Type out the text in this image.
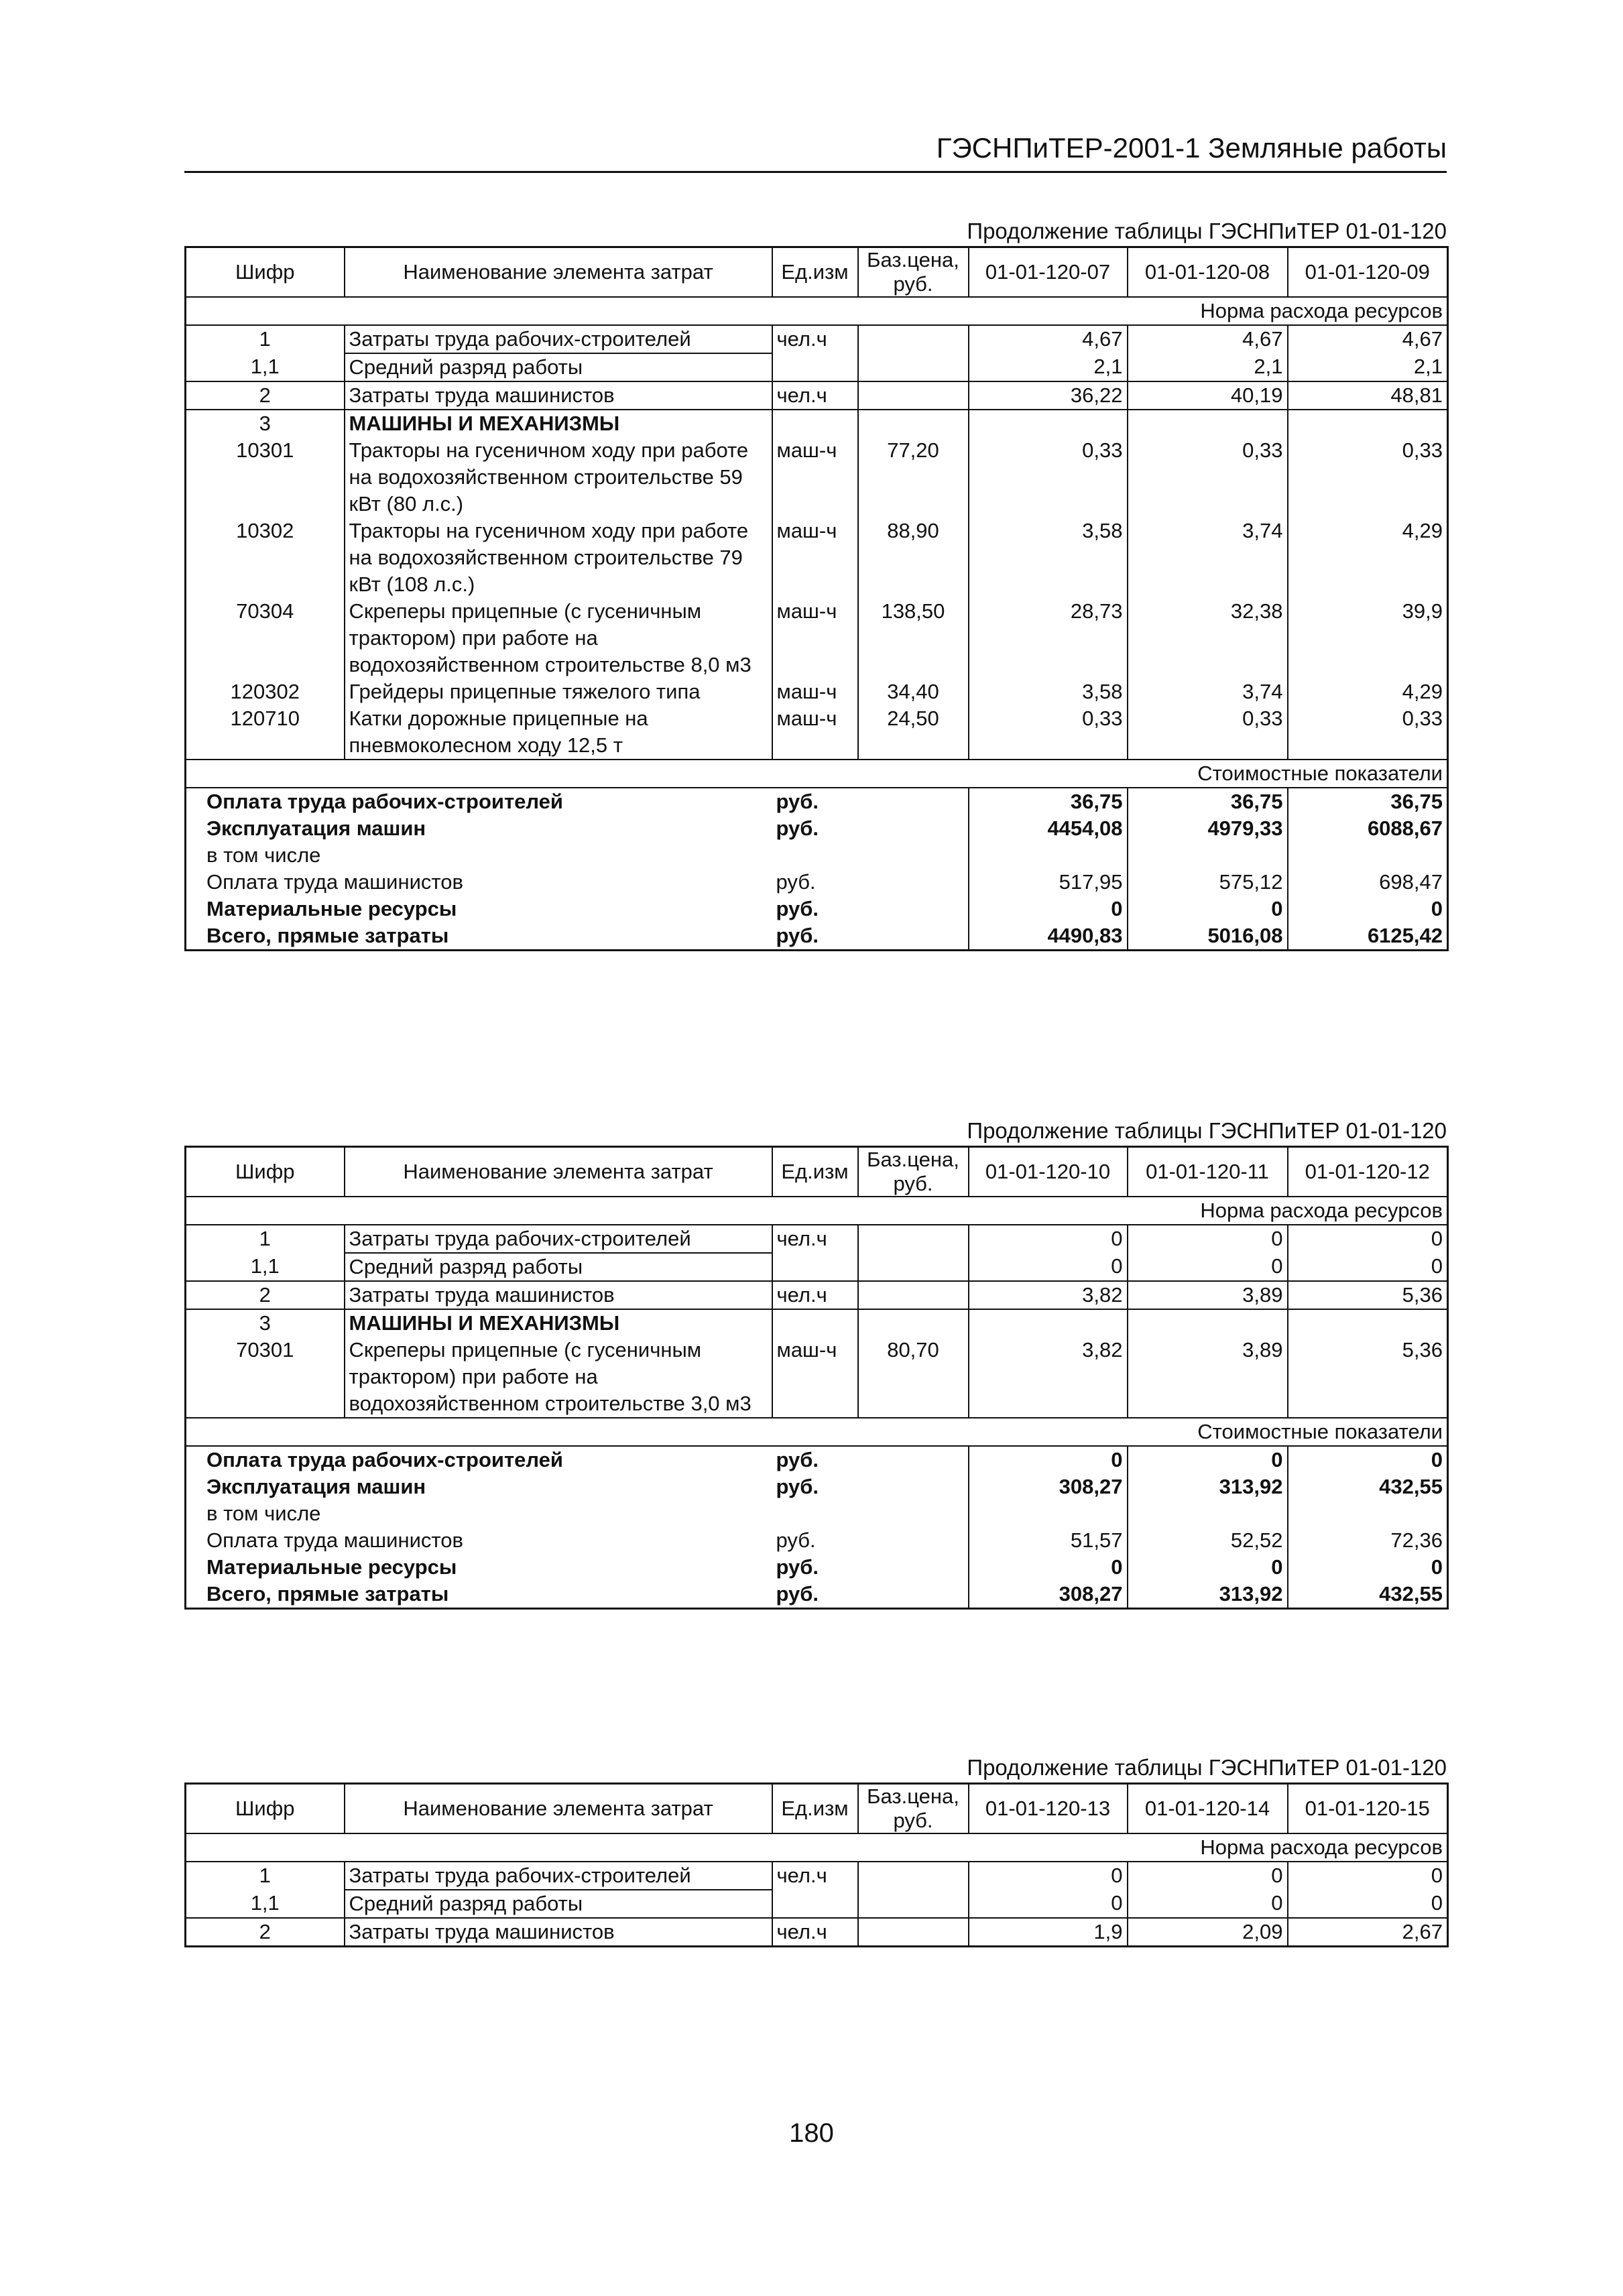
ГЭСНПиТЕР-2001-1 Земляные работы
Продолжение таблицы ГЭСНПиТЕР 01-01-120
Шифр	Наименование элемента затрат	Ед.изм	Баз.цена, руб.	01-01-120-07	01-01-120-08	01-01-120-09
Норма расхода ресурсов						
1	Затраты труда рабочих-строителей	чел.ч		4,67	4,67	4,67
1,1	Средний разряд работы			2,1	2,1	2,1
2	Затраты труда машинистов	чел.ч		36,22	40,19	48,81
3	МАШИНЫ И МЕХАНИЗМЫ					
10301	Тракторы на гусеничном ходу при работе на водохозяйственном строительстве 59 кВт (80 л.с.)	маш-ч	77,20	0,33	0,33	0,33
10302	Тракторы на гусеничном ходу при работе на водохозяйственном строительстве 79 кВт (108 л.с.)	маш-ч	88,90	3,58	3,74	4,29
70304	Скреперы прицепные (с гусеничным трактором) при работе на водохозяйственном строительстве 8,0 м3	маш-ч	138,50	28,73	32,38	39,9
120302	Грейдеры прицепные тяжелого типа	маш-ч	34,40	3,58	3,74	4,29
120710	Катки дорожные прицепные на пневмоколесном ходу 12,5 т	маш-ч	24,50	0,33	0,33	0,33
Стоимостные показатели						
Оплата труда рабочих-строителей		руб.		36,75	36,75	36,75
Эксплуатация машин		руб.		4454,08	4979,33	6088,67
в том числе						
Оплата труда машинистов		руб.		517,95	575,12	698,47
Материальные ресурсы		руб.		0	0	0
Всего, прямые затраты		руб.		4490,83	5016,08	6125,42
Продолжение таблицы ГЭСНПиТЕР 01-01-120
Шифр	Наименование элемента затрат	Ед.изм	Баз.цена, руб.	01-01-120-10	01-01-120-11	01-01-120-12
Норма расхода ресурсов						
1	Затраты труда рабочих-строителей	чел.ч		0	0	0
1,1	Средний разряд работы			0	0	0
2	Затраты труда машинистов	чел.ч		3,82	3,89	5,36
3	МАШИНЫ И МЕХАНИЗМЫ					
70301	Скреперы прицепные (с гусеничным трактором) при работе на водохозяйственном строительстве 3,0 м3	маш-ч	80,70	3,82	3,89	5,36
Стоимостные показатели						
Оплата труда рабочих-строителей		руб.		0	0	0
Эксплуатация машин		руб.		308,27	313,92	432,55
в том числе						
Оплата труда машинистов		руб.		51,57	52,52	72,36
Материальные ресурсы		руб.		0	0	0
Всего, прямые затраты		руб.		308,27	313,92	432,55
Продолжение таблицы ГЭСНПиТЕР 01-01-120
Шифр	Наименование элемента затрат	Ед.изм	Баз.цена, руб.	01-01-120-13	01-01-120-14	01-01-120-15
Норма расхода ресурсов						
1	Затраты труда рабочих-строителей	чел.ч		0	0	0
1,1	Средний разряд работы			0	0	0
2	Затраты труда машинистов	чел.ч		1,9	2,09	2,67
180
